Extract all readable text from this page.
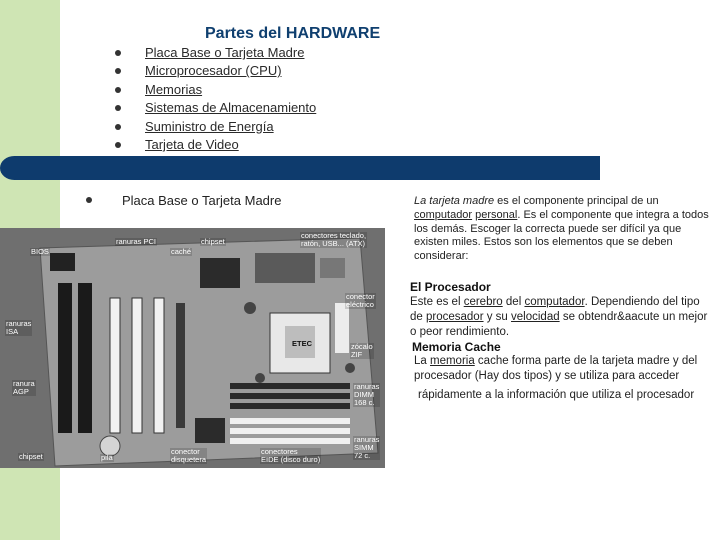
Partes del HARDWARE
Placa Base o Tarjeta Madre
Microprocesador (CPU)
Memorias
Sistemas de Almacenamiento
Suministro de Energía
Tarjeta de Video
Placa Base o Tarjeta Madre
BIOS
ranuras PCI
caché
chipset
conectores teclado,
ratón, USB... (ATX)
ranuras
ISA
conector
eléctrico
zócalo
ZIF
ranura
AGP
ranuras
DIMM
168 c.
chipset	pila
conector
disquetera
conectores
EIDE (disco duro)
ranuras
SIMM
72 c.
ETEC
La tarjeta madre es el componente principal de un computador personal. Es el componente que integra a todos los demás. Escoger la correcta puede ser difícil ya que existen miles. Estos son los elementos que se deben considerar:
El Procesador
Este es el cerebro del computador. Dependiendo del tipo de procesador y su velocidad se obtendr&aacute un mejor o peor rendimiento.
Memoria Cache
La memoria cache forma parte de la tarjeta madre y del procesador (Hay dos tipos) y se utiliza para acceder
rápidamente a la información que utiliza el procesador
